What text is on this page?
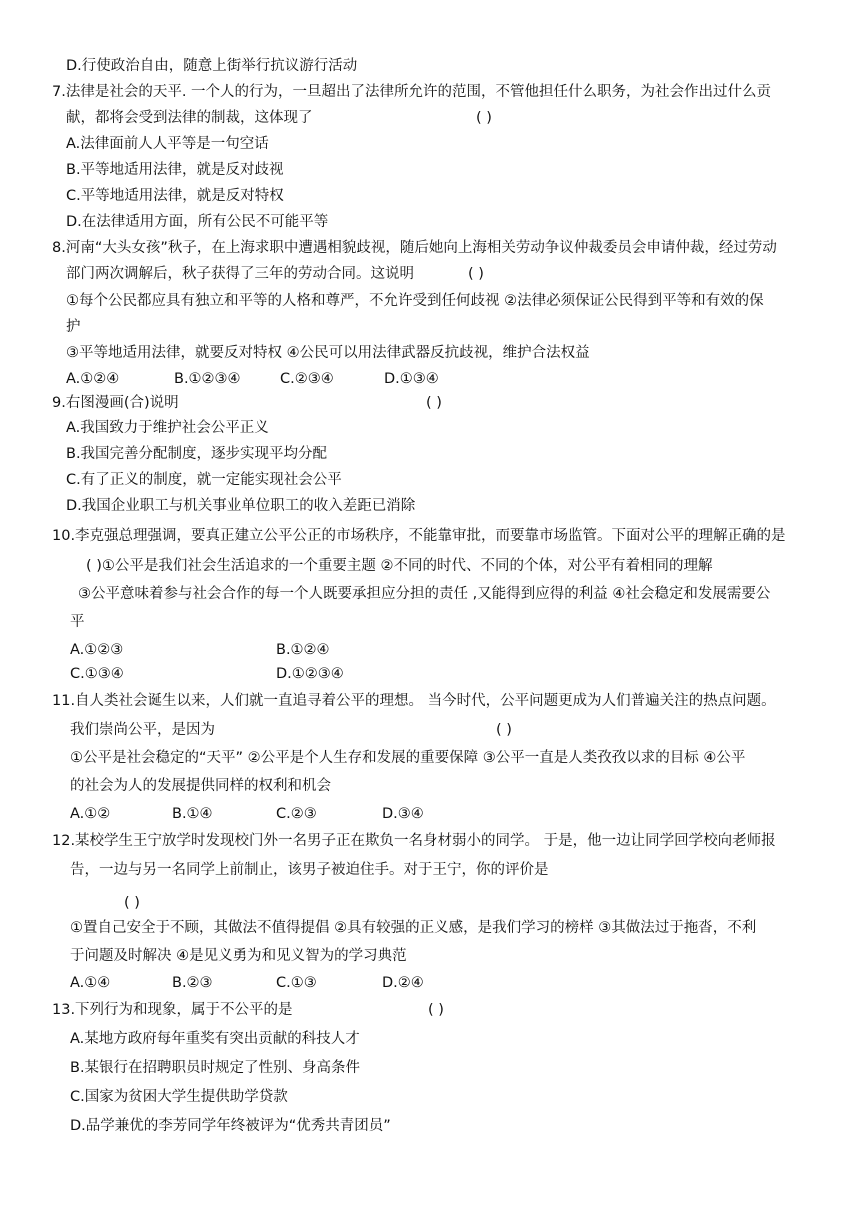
D.行使政治自由，随意上街举行抗议游行活动
7.法律是社会的天平. 一个人的行为，一旦超出了法律所允许的范围，不管他担任什么职务，为社会作出过什么贡
献，都将会受到法律的制裁，这体现了	( )
A.法律面前人人平等是一句空话
B.平等地适用法律，就是反对歧视
C.平等地适用法律，就是反对特权
D.在法律适用方面，所有公民不可能平等
8.河南“大头女孩”秋子，在上海求职中遭遇相貌歧视，随后她向上海相关劳动争议仲裁委员会申请仲裁，经过劳动
部门两次调解后，秋子获得了三年的劳动合同。这说明	( )
①每个公民都应具有独立和平等的人格和尊严，不允许受到任何歧视 ②法律必须保证公民得到平等和有效的保
护
③平等地适用法律，就要反对特权 ④公民可以用法律武器反抗歧视，维护合法权益
A.①②④	B.①②③④	C.②③④	D.①③④
9.右图漫画(合)说明	( )
A.我国致力于维护社会公平正义
B.我国完善分配制度，逐步实现平均分配
C.有了正义的制度，就一定能实现社会公平
D.我国企业职工与机关事业单位职工的收入差距已消除
10.李克强总理强调，要真正建立公平公正的市场秩序，不能靠审批，而要靠市场监管。下面对公平的理解正确的是
( )①公平是我们社会生活追求的一个重要主题 ②不同的时代、不同的个体，对公平有着相同的理解
③公平意味着参与社会合作的每一个人既要承担应分担的责任 ,又能得到应得的利益 ④社会稳定和发展需要公
平
A.①②③	B.①②④
C.①③④	D.①②③④
11.自人类社会诞生以来，人们就一直追寻着公平的理想。 当今时代，公平问题更成为人们普遍关注的热点问题。
我们崇尚公平，是因为	( )
①公平是社会稳定的“天平” ②公平是个人生存和发展的重要保障 ③公平一直是人类孜孜以求的目标 ④公平
的社会为人的发展提供同样的权利和机会
A.①②	B.①④	C.②③	D.③④
12.某校学生王宁放学时发现校门外一名男子正在欺负一名身材弱小的同学。 于是，他一边让同学回学校向老师报
告，一边与另一名同学上前制止，该男子被迫住手。对于王宁，你的评价是
( )
①置自己安全于不顾，其做法不值得提倡 ②具有较强的正义感，是我们学习的榜样 ③其做法过于拖沓，不利
于问题及时解决 ④是见义勇为和见义智为的学习典范
A.①④	B.②③	C.①③	D.②④
13.下列行为和现象，属于不公平的是	( )
A.某地方政府每年重奖有突出贡献的科技人才
B.某银行在招聘职员时规定了性别、身高条件
C.国家为贫困大学生提供助学贷款
D.品学兼优的李芳同学年终被评为“优秀共青团员”
